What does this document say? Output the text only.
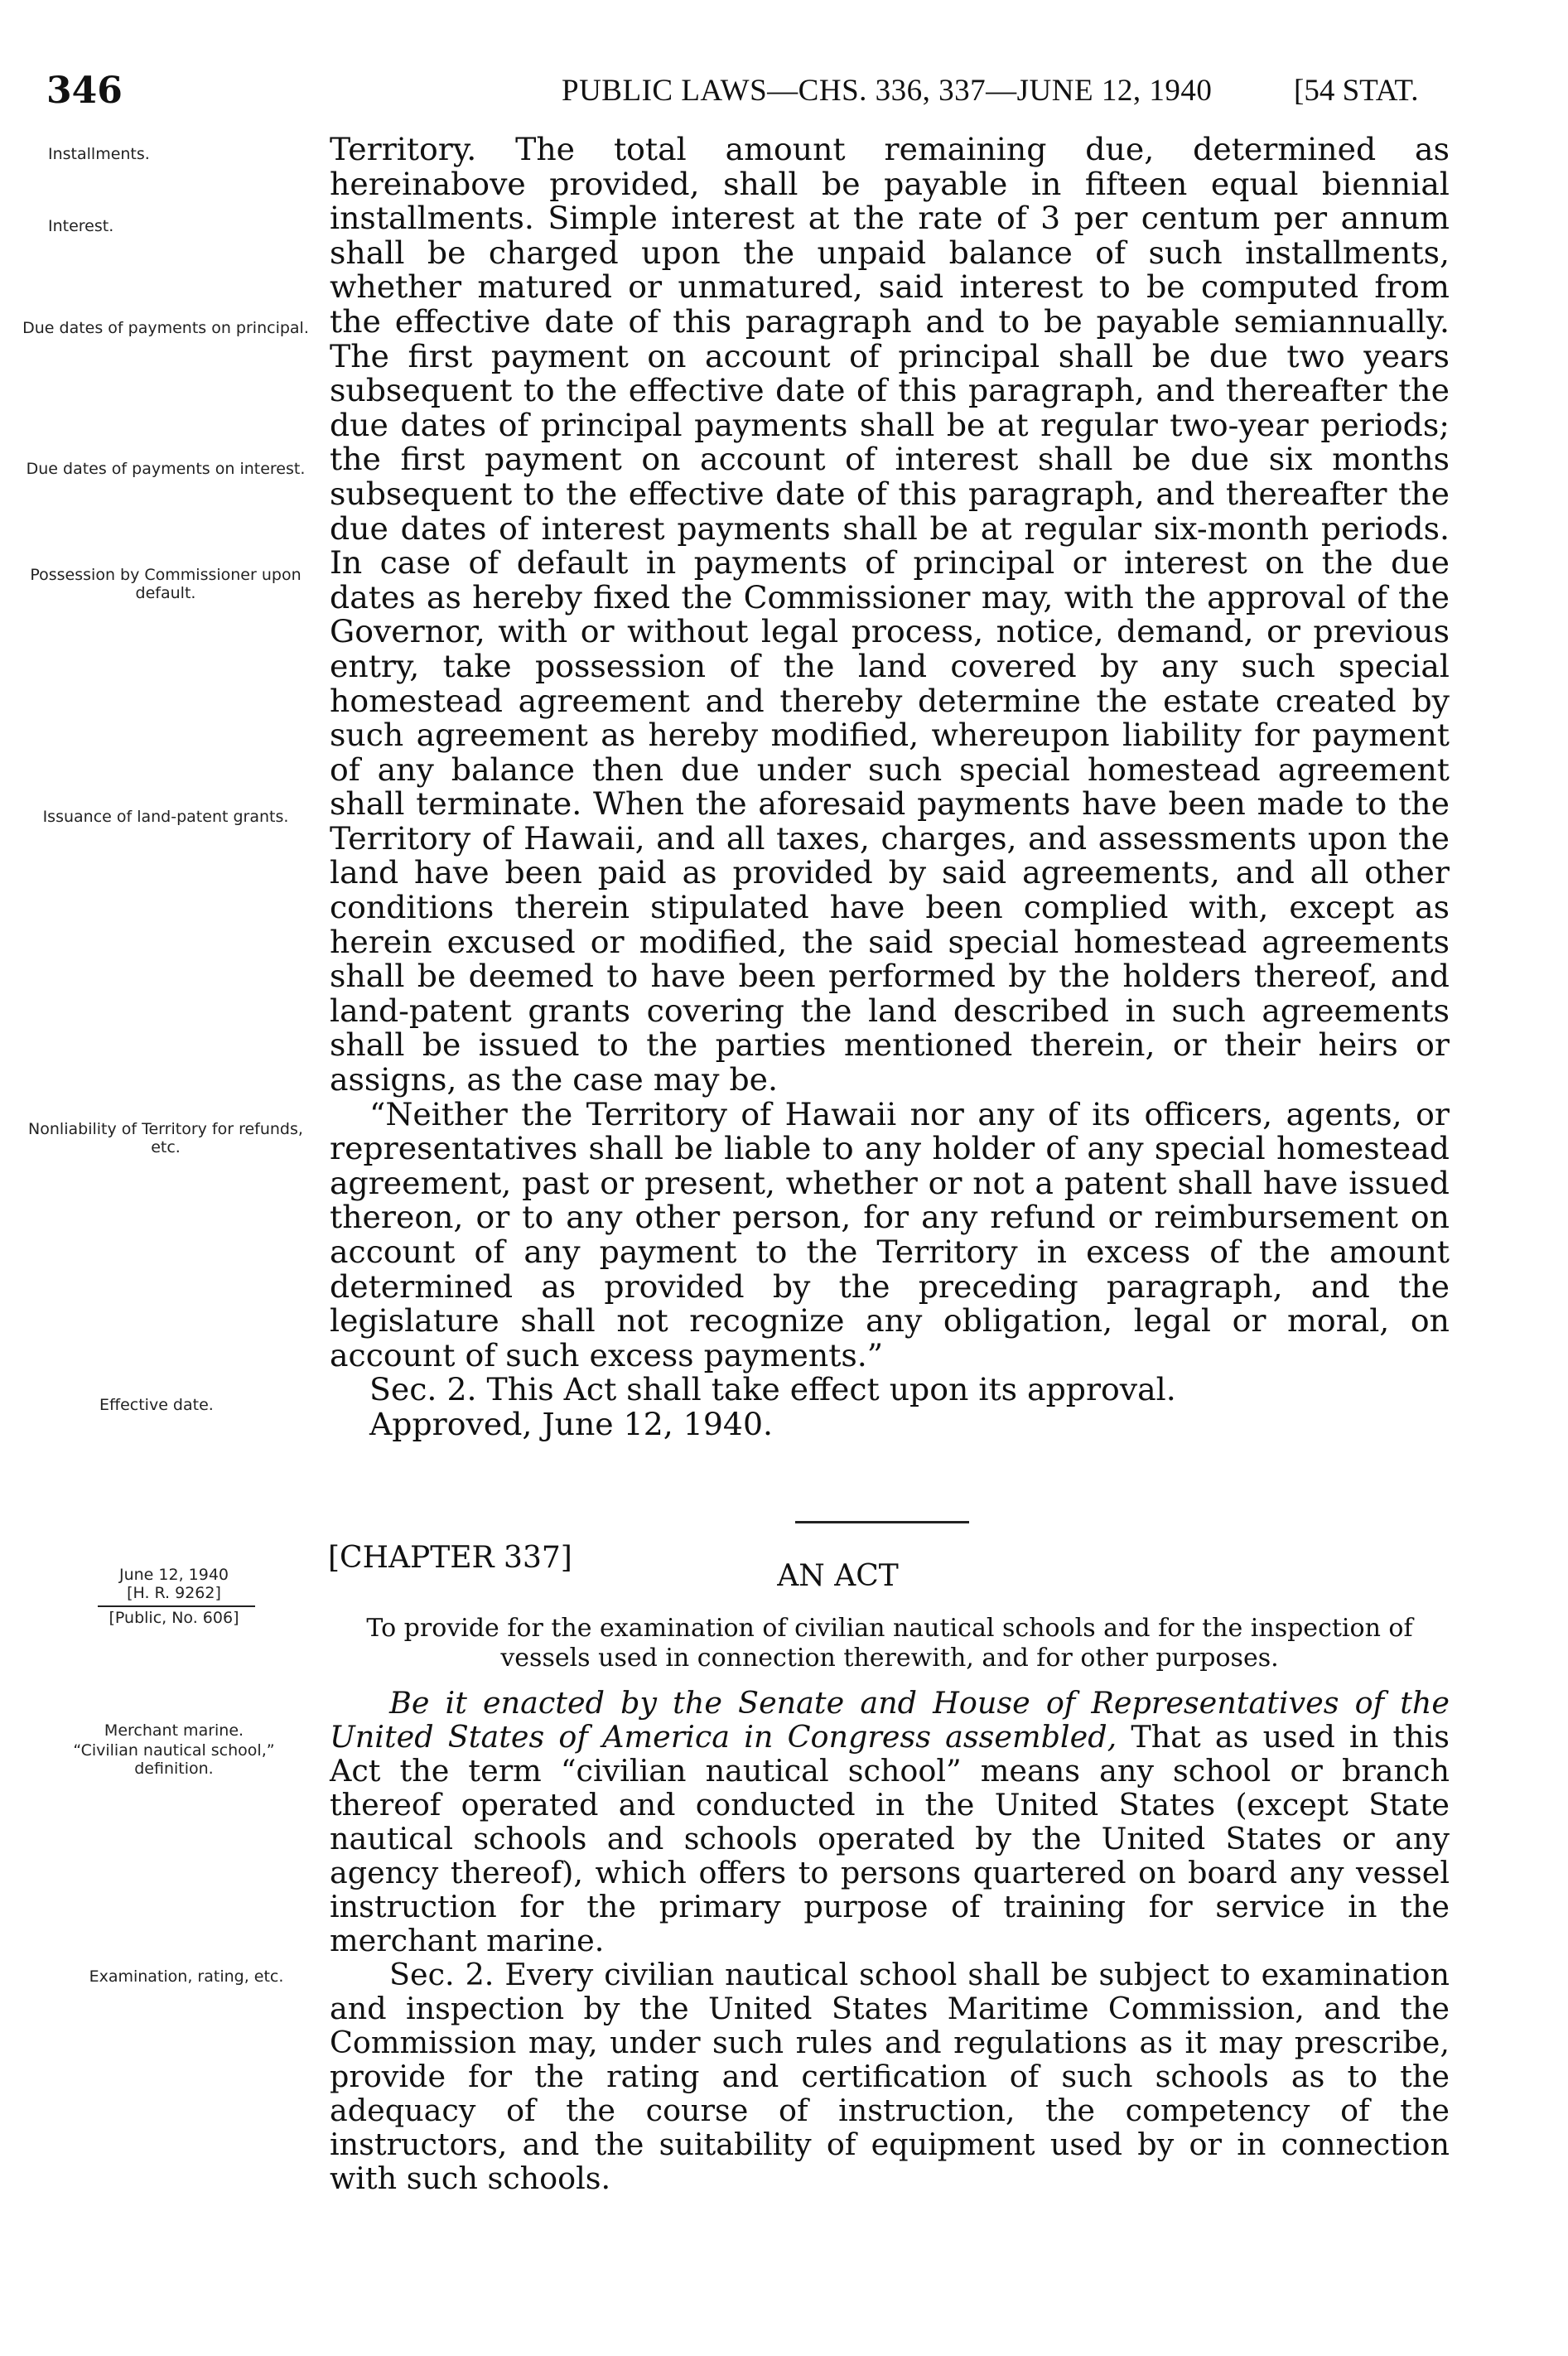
346	PUBLIC LAWS—CHS. 336, 337—JUNE 12, 1940	[54 STAT.
Installments.
Interest.
Due dates of payments on principal.
Due dates of payments on interest.
Possession by Commissioner upon default.
Issuance of land-patent grants.
Nonliability of Territory for refunds, etc.
Effective date.
June 12, 1940
[H. R. 9262]
[Public, No. 606]
Merchant marine.
“Civilian nautical school,” definition.
Examination, rating, etc.

Territory. The total amount remaining due, determined as hereinabove provided, shall be payable in fifteen equal biennial installments. Simple interest at the rate of 3 per centum per annum shall be charged upon the unpaid balance of such installments, whether matured or unmatured, said interest to be computed from the effective date of this paragraph and to be payable semiannually. The first payment on account of principal shall be due two years subsequent to the effective date of this paragraph, and thereafter the due dates of principal payments shall be at regular two-year periods; the first payment on account of interest shall be due six months subsequent to the effective date of this paragraph, and thereafter the due dates of interest payments shall be at regular six-month periods. In case of default in payments of principal or interest on the due dates as hereby fixed the Commissioner may, with the approval of the Governor, with or without legal process, notice, demand, or previous entry, take possession of the land covered by any such special homestead agreement and thereby determine the estate created by such agreement as hereby modified, whereupon liability for payment of any balance then due under such special homestead agreement shall terminate. When the aforesaid payments have been made to the Territory of Hawaii, and all taxes, charges, and assessments upon the land have been paid as provided by said agreements, and all other conditions therein stipulated have been complied with, except as herein excused or modified, the said special homestead agreements shall be deemed to have been performed by the holders thereof, and land-patent grants covering the land described in such agreements shall be issued to the parties mentioned therein, or their heirs or assigns, as the case may be.

“Neither the Territory of Hawaii nor any of its officers, agents, or representatives shall be liable to any holder of any special homestead agreement, past or present, whether or not a patent shall have issued thereon, or to any other person, for any refund or reimbursement on account of any payment to the Territory in excess of the amount determined as provided by the preceding paragraph, and the legislature shall not recognize any obligation, legal or moral, on account of such excess payments.”

Sec. 2. This Act shall take effect upon its approval.

Approved, June 12, 1940.

[CHAPTER 337]
AN ACT
To provide for the examination of civilian nautical schools and for the inspection of vessels used in connection therewith, and for other purposes.

Be it enacted by the Senate and House of Representatives of the United States of America in Congress assembled, That as used in this Act the term “civilian nautical school” means any school or branch thereof operated and conducted in the United States (except State nautical schools and schools operated by the United States or any agency thereof), which offers to persons quartered on board any vessel instruction for the primary purpose of training for service in the merchant marine.

Sec. 2. Every civilian nautical school shall be subject to examination and inspection by the United States Maritime Commission, and the Commission may, under such rules and regulations as it may prescribe, provide for the rating and certification of such schools as to the adequacy of the course of instruction, the competency of the instructors, and the suitability of equipment used by or in connection with such schools.
